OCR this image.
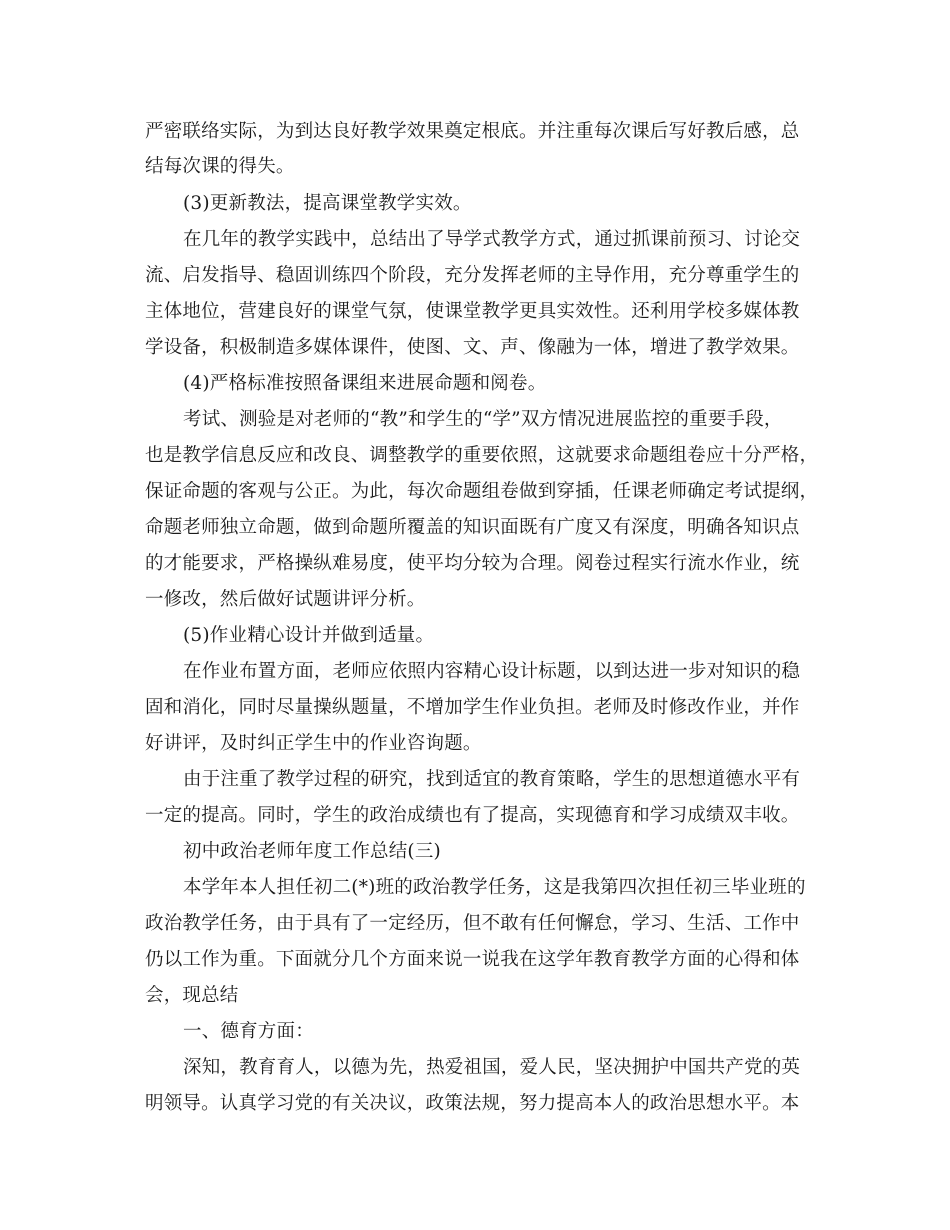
严密联络实际，为到达良好教学效果奠定根底。并注重每次课后写好教后感，总
结每次课的得失。
(3)更新教法，提高课堂教学实效。
在几年的教学实践中，总结出了导学式教学方式，通过抓课前预习、讨论交
流、启发指导、稳固训练四个阶段，充分发挥老师的主导作用，充分尊重学生的
主体地位，营建良好的课堂气氛，使课堂教学更具实效性。还利用学校多媒体教
学设备，积极制造多媒体课件，使图、文、声、像融为一体，增进了教学效果。
(4)严格标准按照备课组来进展命题和阅卷。
考试、测验是对老师的“教”和学生的“学”双方情况进展监控的重要手段，
也是教学信息反应和改良、调整教学的重要依照，这就要求命题组卷应十分严格，
保证命题的客观与公正。为此，每次命题组卷做到穿插，任课老师确定考试提纲，
命题老师独立命题，做到命题所覆盖的知识面既有广度又有深度，明确各知识点
的才能要求，严格操纵难易度，使平均分较为合理。阅卷过程实行流水作业，统
一修改，然后做好试题讲评分析。
(5)作业精心设计并做到适量。
在作业布置方面，老师应依照内容精心设计标题，以到达进一步对知识的稳
固和消化，同时尽量操纵题量，不增加学生作业负担。老师及时修改作业，并作
好讲评，及时纠正学生中的作业咨询题。
由于注重了教学过程的研究，找到适宜的教育策略，学生的思想道德水平有
一定的提高。同时，学生的政治成绩也有了提高，实现德育和学习成绩双丰收。
初中政治老师年度工作总结(三)
本学年本人担任初二(*)班的政治教学任务，这是我第四次担任初三毕业班的
政治教学任务，由于具有了一定经历，但不敢有任何懈怠，学习、生活、工作中
仍以工作为重。下面就分几个方面来说一说我在这学年教育教学方面的心得和体
会，现总结
一、德育方面：
深知，教育育人，以德为先，热爱祖国，爱人民，坚决拥护中国共产党的英
明领导。认真学习党的有关决议，政策法规，努力提高本人的政治思想水平。本
